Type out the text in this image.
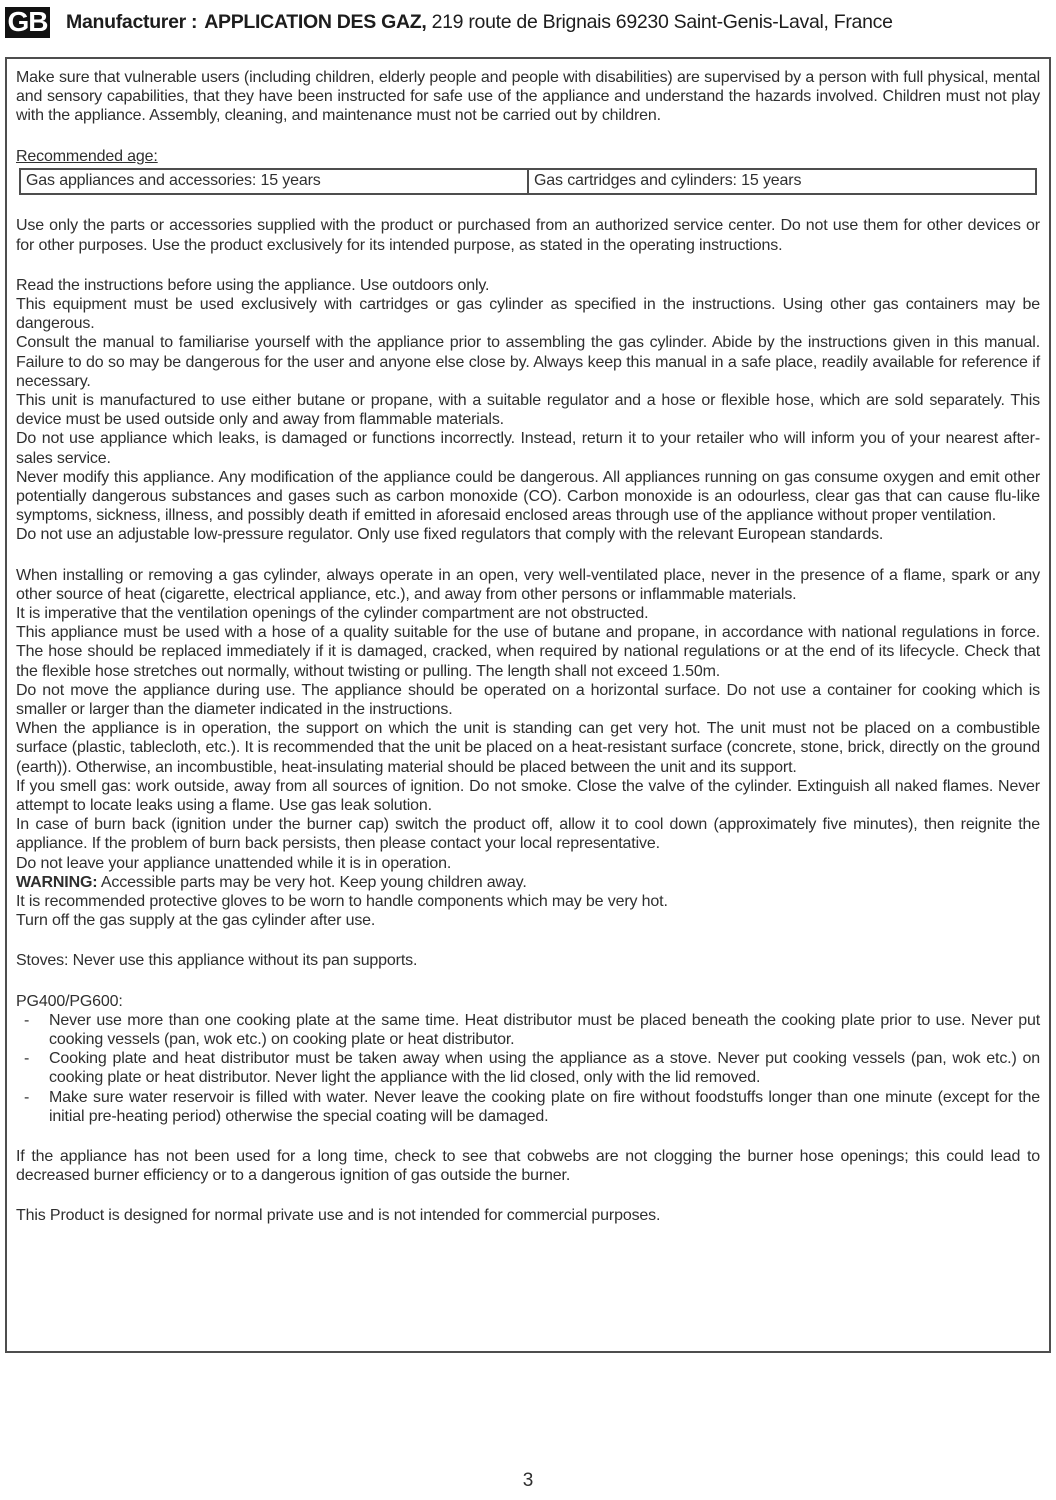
GB Manufacturer : APPLICATION DES GAZ, 219 route de Brignais 69230 Saint-Genis-Laval, France

Make sure that vulnerable users (including children, elderly people and people with disabilities) are supervised by a person with full physical, mental and sensory capabilities, that they have been instructed for safe use of the appliance and understand the hazards involved. Children must not play with the appliance. Assembly, cleaning, and maintenance must not be carried out by children.

Recommended age:

Gas appliances and accessories: 15 years	Gas cartridges and cylinders: 15 years

Use only the parts or accessories supplied with the product or purchased from an authorized service center. Do not use them for other devices or for other purposes. Use the product exclusively for its intended purpose, as stated in the operating instructions.

Read the instructions before using the appliance. Use outdoors only.

This equipment must be used exclusively with cartridges or gas cylinder as specified in the instructions. Using other gas containers may be dangerous.

Consult the manual to familiarise yourself with the appliance prior to assembling the gas cylinder. Abide by the instructions given in this manual. Failure to do so may be dangerous for the user and anyone else close by. Always keep this manual in a safe place, readily available for reference if necessary.

This unit is manufactured to use either butane or propane, with a suitable regulator and a hose or flexible hose, which are sold separately. This device must be used outside only and away from flammable materials.

Do not use appliance which leaks, is damaged or functions incorrectly. Instead, return it to your retailer who will inform you of your nearest after-sales service.

Never modify this appliance. Any modification of the appliance could be dangerous. All appliances running on gas consume oxygen and emit other potentially dangerous substances and gases such as carbon monoxide (CO). Carbon monoxide is an odourless, clear gas that can cause flu-like symptoms, sickness, illness, and possibly death if emitted in aforesaid enclosed areas through use of the appliance without proper ventilation.

Do not use an adjustable low-pressure regulator. Only use fixed regulators that comply with the relevant European standards.

When installing or removing a gas cylinder, always operate in an open, very well-ventilated place, never in the presence of a flame, spark or any other source of heat (cigarette, electrical appliance, etc.), and away from other persons or inflammable materials.

It is imperative that the ventilation openings of the cylinder compartment are not obstructed.

This appliance must be used with a hose of a quality suitable for the use of butane and propane, in accordance with national regulations in force. The hose should be replaced immediately if it is damaged, cracked, when required by national regulations or at the end of its lifecycle. Check that the flexible hose stretches out normally, without twisting or pulling. The length shall not exceed 1.50m.

Do not move the appliance during use. The appliance should be operated on a horizontal surface. Do not use a container for cooking which is smaller or larger than the diameter indicated in the instructions.

When the appliance is in operation, the support on which the unit is standing can get very hot. The unit must not be placed on a combustible surface (plastic, tablecloth, etc.). It is recommended that the unit be placed on a heat-resistant surface (concrete, stone, brick, directly on the ground (earth)). Otherwise, an incombustible, heat-insulating material should be placed between the unit and its support.

If you smell gas: work outside, away from all sources of ignition. Do not smoke. Close the valve of the cylinder. Extinguish all naked flames. Never attempt to locate leaks using a flame. Use gas leak solution.

In case of burn back (ignition under the burner cap) switch the product off, allow it to cool down (approximately five minutes), then reignite the appliance. If the problem of burn back persists, then please contact your local representative.

Do not leave your appliance unattended while it is in operation.

WARNING: Accessible parts may be very hot. Keep young children away.

It is recommended protective gloves to be worn to handle components which may be very hot.

Turn off the gas supply at the gas cylinder after use.

Stoves: Never use this appliance without its pan supports.

PG400/PG600:

-	Never use more than one cooking plate at the same time. Heat distributor must be placed beneath the cooking plate prior to use. Never put cooking vessels (pan, wok etc.) on cooking plate or heat distributor.
-	Cooking plate and heat distributor must be taken away when using the appliance as a stove. Never put cooking vessels (pan, wok etc.) on cooking plate or heat distributor. Never light the appliance with the lid closed, only with the lid removed.
-	Make sure water reservoir is filled with water. Never leave the cooking plate on fire without foodstuffs longer than one minute (except for the initial pre-heating period) otherwise the special coating will be damaged.

If the appliance has not been used for a long time, check to see that cobwebs are not clogging the burner hose openings; this could lead to decreased burner efficiency or to a dangerous ignition of gas outside the burner.

This Product is designed for normal private use and is not intended for commercial purposes.

3
